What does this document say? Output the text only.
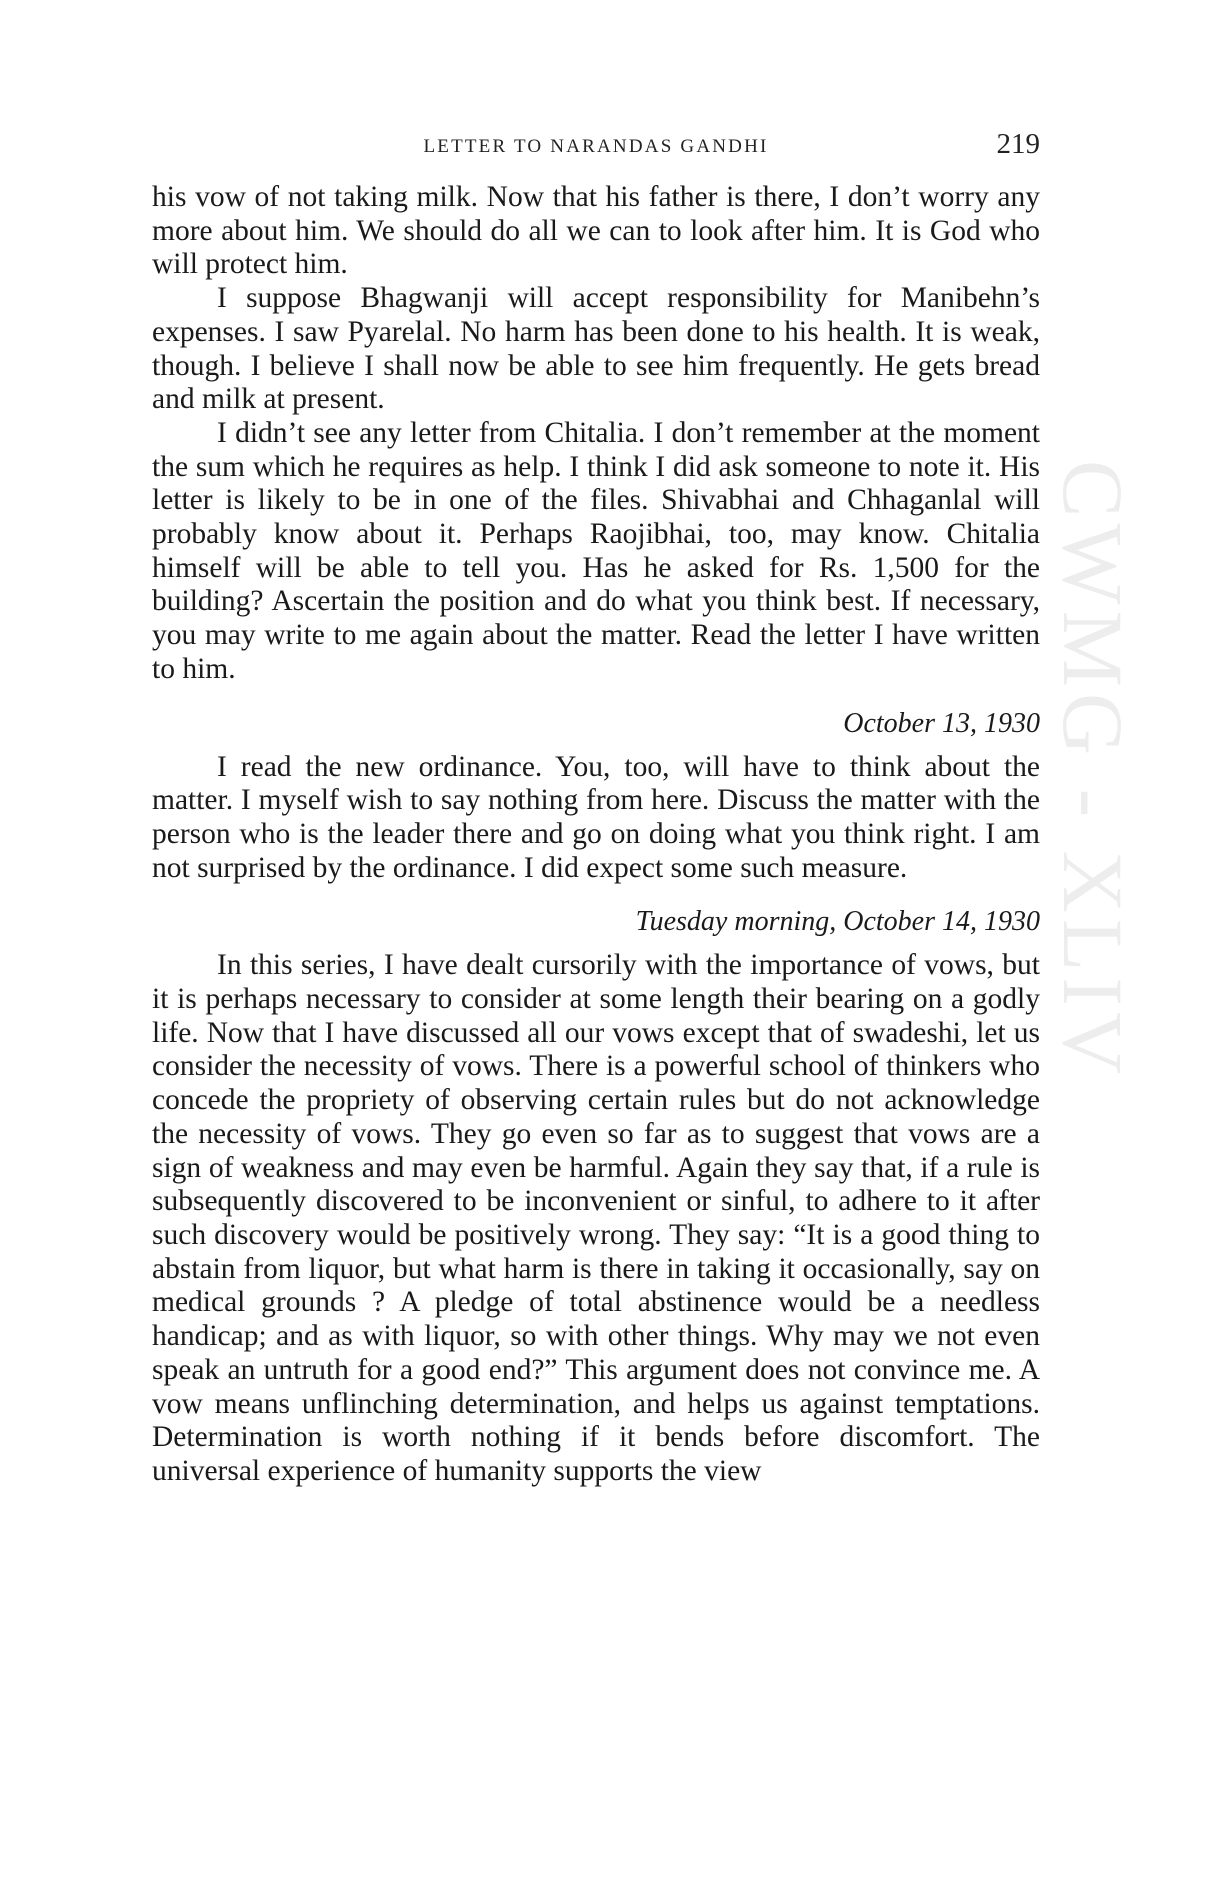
CWMG - XLIV
LETTER TO NARANDAS GANDHI	219

his vow of not taking milk. Now that his father is there, I don’t worry any more about him. We should do all we can to look after him. It is God who will protect him.

I suppose Bhagwanji will accept responsibility for Manibehn’s expenses. I saw Pyarelal. No harm has been done to his health. It is weak, though. I believe I shall now be able to see him frequently. He gets bread and milk at present.

I didn’t see any letter from Chitalia. I don’t remember at the moment the sum which he requires as help. I think I did ask someone to note it. His letter is likely to be in one of the files. Shivabhai and Chhaganlal will probably know about it. Perhaps Raojibhai, too, may know. Chitalia himself will be able to tell you. Has he asked for Rs. 1,500 for the building? Ascertain the position and do what you think best. If necessary, you may write to me again about the matter. Read the letter I have written to him.

October 13, 1930

I read the new ordinance. You, too, will have to think about the matter. I myself wish to say nothing from here. Discuss the matter with the person who is the leader there and go on doing what you think right. I am not surprised by the ordinance. I did expect some such measure.

Tuesday morning, October 14, 1930

In this series, I have dealt cursorily with the importance of vows, but it is perhaps necessary to consider at some length their bearing on a godly life. Now that I have discussed all our vows except that of swadeshi, let us consider the necessity of vows. There is a powerful school of thinkers who concede the propriety of observing certain rules but do not acknowledge the necessity of vows. They go even so far as to suggest that vows are a sign of weakness and may even be harmful. Again they say that, if a rule is subsequently discovered to be inconvenient or sinful, to adhere to it after such discovery would be positively wrong. They say: “It is a good thing to abstain from liquor, but what harm is there in taking it occasionally, say on medical grounds ? A pledge of total abstinence would be a needless handicap; and as with liquor, so with other things. Why may we not even speak an untruth for a good end?” This argument does not convince me. A vow means unflinching determination, and helps us against temptations. Determination is worth nothing if it bends before discomfort. The universal experience of humanity supports the view
